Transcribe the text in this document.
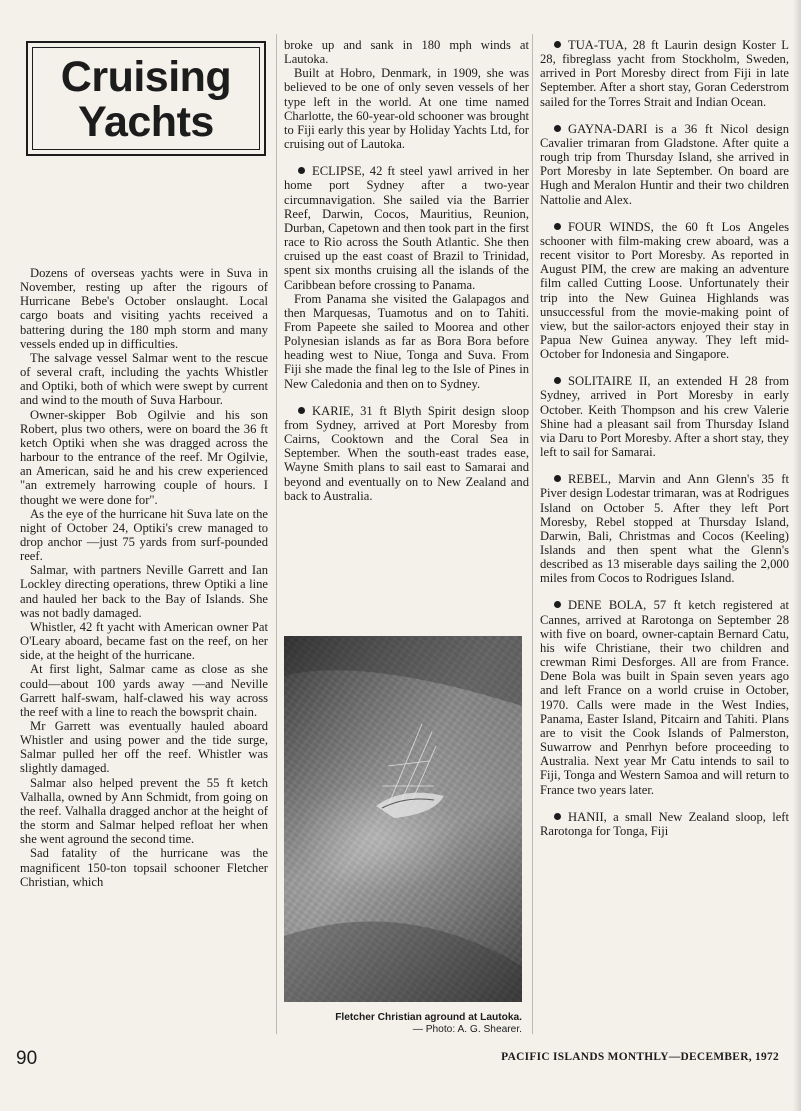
Cruising
Yachts

Dozens of overseas yachts were in Suva in November, resting up after the rigours of Hurricane Bebe's October onslaught. Local cargo boats and visiting yachts received a battering during the 180 mph storm and many vessels ended up in difficulties.

The salvage vessel Salmar went to the rescue of several craft, including the yachts Whistler and Optiki, both of which were swept by current and wind to the mouth of Suva Harbour.

Owner-skipper Bob Ogilvie and his son Robert, plus two others, were on board the 36 ft ketch Optiki when she was dragged across the harbour to the entrance of the reef. Mr Ogilvie, an American, said he and his crew experienced "an extremely harrowing couple of hours. I thought we were done for".

As the eye of the hurricane hit Suva late on the night of October 24, Optiki's crew managed to drop anchor —just 75 yards from surf-pounded reef.

Salmar, with partners Neville Garrett and Ian Lockley directing operations, threw Optiki a line and hauled her back to the Bay of Islands. She was not badly damaged.

Whistler, 42 ft yacht with American owner Pat O'Leary aboard, became fast on the reef, on her side, at the height of the hurricane.

At first light, Salmar came as close as she could—about 100 yards away —and Neville Garrett half-swam, half-clawed his way across the reef with a line to reach the bowsprit chain.

Mr Garrett was eventually hauled aboard Whistler and using power and the tide surge, Salmar pulled her off the reef. Whistler was slightly damaged.

Salmar also helped prevent the 55 ft ketch Valhalla, owned by Ann Schmidt, from going on the reef. Valhalla dragged anchor at the height of the storm and Salmar helped refloat her when she went aground the second time.

Sad fatality of the hurricane was the magnificent 150-ton topsail schooner Fletcher Christian, which

broke up and sank in 180 mph winds at Lautoka.

Built at Hobro, Denmark, in 1909, she was believed to be one of only seven vessels of her type left in the world. At one time named Charlotte, the 60-year-old schooner was brought to Fiji early this year by Holiday Yachts Ltd, for cruising out of Lautoka.

ECLIPSE, 42 ft steel yawl arrived in her home port Sydney after a two-year circumnavigation. She sailed via the Barrier Reef, Darwin, Cocos, Mauritius, Reunion, Durban, Capetown and then took part in the first race to Rio across the South Atlantic. She then cruised up the east coast of Brazil to Trinidad, spent six months cruising all the islands of the Caribbean before crossing to Panama.

From Panama she visited the Galapagos and then Marquesas, Tuamotus and on to Tahiti. From Papeete she sailed to Moorea and other Polynesian islands as far as Bora Bora before heading west to Niue, Tonga and Suva. From Fiji she made the final leg to the Isle of Pines in New Caledonia and then on to Sydney.

KARIE, 31 ft Blyth Spirit design sloop from Sydney, arrived at Port Moresby from Cairns, Cooktown and the Coral Sea in September. When the south-east trades ease, Wayne Smith plans to sail east to Samarai and beyond and eventually on to New Zealand and back to Australia.

Fletcher Christian aground at Lautoka.
— Photo: A. G. Shearer.

TUA-TUA, 28 ft Laurin design Koster L 28, fibreglass yacht from Stockholm, Sweden, arrived in Port Moresby direct from Fiji in late September. After a short stay, Goran Cederstrom sailed for the Torres Strait and Indian Ocean.

GAYNA-DARI is a 36 ft Nicol design Cavalier trimaran from Gladstone. After quite a rough trip from Thursday Island, she arrived in Port Moresby in late September. On board are Hugh and Meralon Huntir and their two children Nattolie and Alex.

FOUR WINDS, the 60 ft Los Angeles schooner with film-making crew aboard, was a recent visitor to Port Moresby. As reported in August PIM, the crew are making an adventure film called Cutting Loose. Unfortunately their trip into the New Guinea Highlands was unsuccessful from the movie-making point of view, but the sailor-actors enjoyed their stay in Papua New Guinea anyway. They left mid-October for Indonesia and Singapore.

SOLITAIRE II, an extended H 28 from Sydney, arrived in Port Moresby in early October. Keith Thompson and his crew Valerie Shine had a pleasant sail from Thursday Island via Daru to Port Moresby. After a short stay, they left to sail for Samarai.

REBEL, Marvin and Ann Glenn's 35 ft Piver design Lodestar trimaran, was at Rodrigues Island on October 5. After they left Port Moresby, Rebel stopped at Thursday Island, Darwin, Bali, Christmas and Cocos (Keeling) Islands and then spent what the Glenn's described as 13 miserable days sailing the 2,000 miles from Cocos to Rodrigues Island.

DENE BOLA, 57 ft ketch registered at Cannes, arrived at Rarotonga on September 28 with five on board, owner-captain Bernard Catu, his wife Christiane, their two children and crewman Rimi Desforges. All are from France. Dene Bola was built in Spain seven years ago and left France on a world cruise in October, 1970. Calls were made in the West Indies, Panama, Easter Island, Pitcairn and Tahiti. Plans are to visit the Cook Islands of Palmerston, Suwarrow and Penrhyn before proceeding to Australia. Next year Mr Catu intends to sail to Fiji, Tonga and Western Samoa and will return to France two years later.

HANII, a small New Zealand sloop, left Rarotonga for Tonga, Fiji

90	PACIFIC ISLANDS MONTHLY—DECEMBER, 1972
